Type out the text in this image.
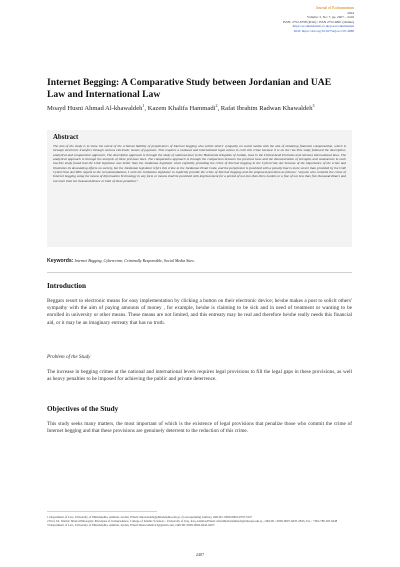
Journal of Ecohumanism
2024
Volume: 3, No: 7, pp. 2407 – 2416
ISSN: 2752-6798 (Print) | ISSN 2752-6801 (Online)
https://ecohumanism.co.uk/joe/ecohumanism
DOI: https://doi.org/10.62754/joe.v3i7.4688
Internet Begging: A Comparative Study between Jordanian and UAE Law and International Law
Moayd Husni Ahmad Al-khawaldeh$^1$, Kazem Khalifa Hammadi$^2$, Rafat Ibrahim Radwan Khawaldeh$^3$
Abstract

The aim of the study is to show the extent of the criminal liability of perpetrators of Internet begging who solicit others' sympathy on social media with the aim of obtaining financial compensation, which is through electronic transfers through various electronic means of payment. This requires a national and international legal action to curb this crime because it is on the rise.This study followed the descriptive, analytical and comparative approach. The descriptive approach is through the study of national laws in the Hashemite Kingdom of Jordan, laws in the United Arab Emirates and relevant international laws. The analytical approach is through the analysis of these previous laws. The comparative approach is through the comparison between the previous laws and the demonstration of strengths and weaknesses in each law.The study found that the UAE legislator was better than the Jordanian legislator when explicitly providing the crime of Internet begging in the Cybercrime Act because of the importance of the crime and illustrates its devastating effects on society, but the Jordanian legislator refers this crime to the Jordanian Penal Code, and the perpetrator is punished with a penalty that is more severe than provided by the UAE Cybercrime Act.With regard to the recommendations, I wish the Jordanian legislator to explicitly provide the crime of Internet begging and the proposed provision as follows: "anyone who commits the crime of Internet begging using the means of Information Technology in any form or means shall be punished with imprisonment for a period of not less than three months or a fine of not less than five thousand dinars and not more than ten thousand dinars or both of these penalties".

Keywords: Internet Begging, Cybercrime, Criminally Responsible, Social Media Sites.
Introduction

Beggars resort to electronic means for easy implementation by clicking a button on their electronic device; he\she makes a post to solicit others' sympathy with the aim of paying amounts of money , for example, he\she is claiming to be sick and in need of treatment or wanting to be enrolled in university or other means. These means are not limited, and this entreaty may be real and therefore he\she really needs this financial aid, or it may be an imaginary entreaty that has no truth.

Problem of the Study

The increase in begging crimes at the national and international levels requires legal provisions to fill the legal gaps in these provisions, as well as heavy penalties to be imposed for achieving the public and private deterrence.

Objectives of the Study

This study seeks many matters, the most important of which is the existence of legal provisions that penalize those who commit the crime of Internet begging and that these provisions are genuinely deterrent to the reduction of this crime.

1 Department of Law, University of Philadelphia, Amman, Jordan, Email: mkawaldeh@philadelphia.edu.jo, (Corresponding Author), ORCID: 0009-0009-2070-5327

2 Prof. Dr. Islamic Sharia Philosophy. Principles of Jurisprudence, College of Islamic Sciences - University of Iraq, Iraq-Alanbar,Email: dr.kadhum.hammadi@aliraqia.edu.iq , ORCID : 0009-0007-6635-2843, Tel. : +964 780 493 6438

3 Department of Law, University of Philadelphia, Amman, Jordan, Email: Rkawaldeh123@gmail.com, ORCID: 0009-0004-9443-6207.

2407
